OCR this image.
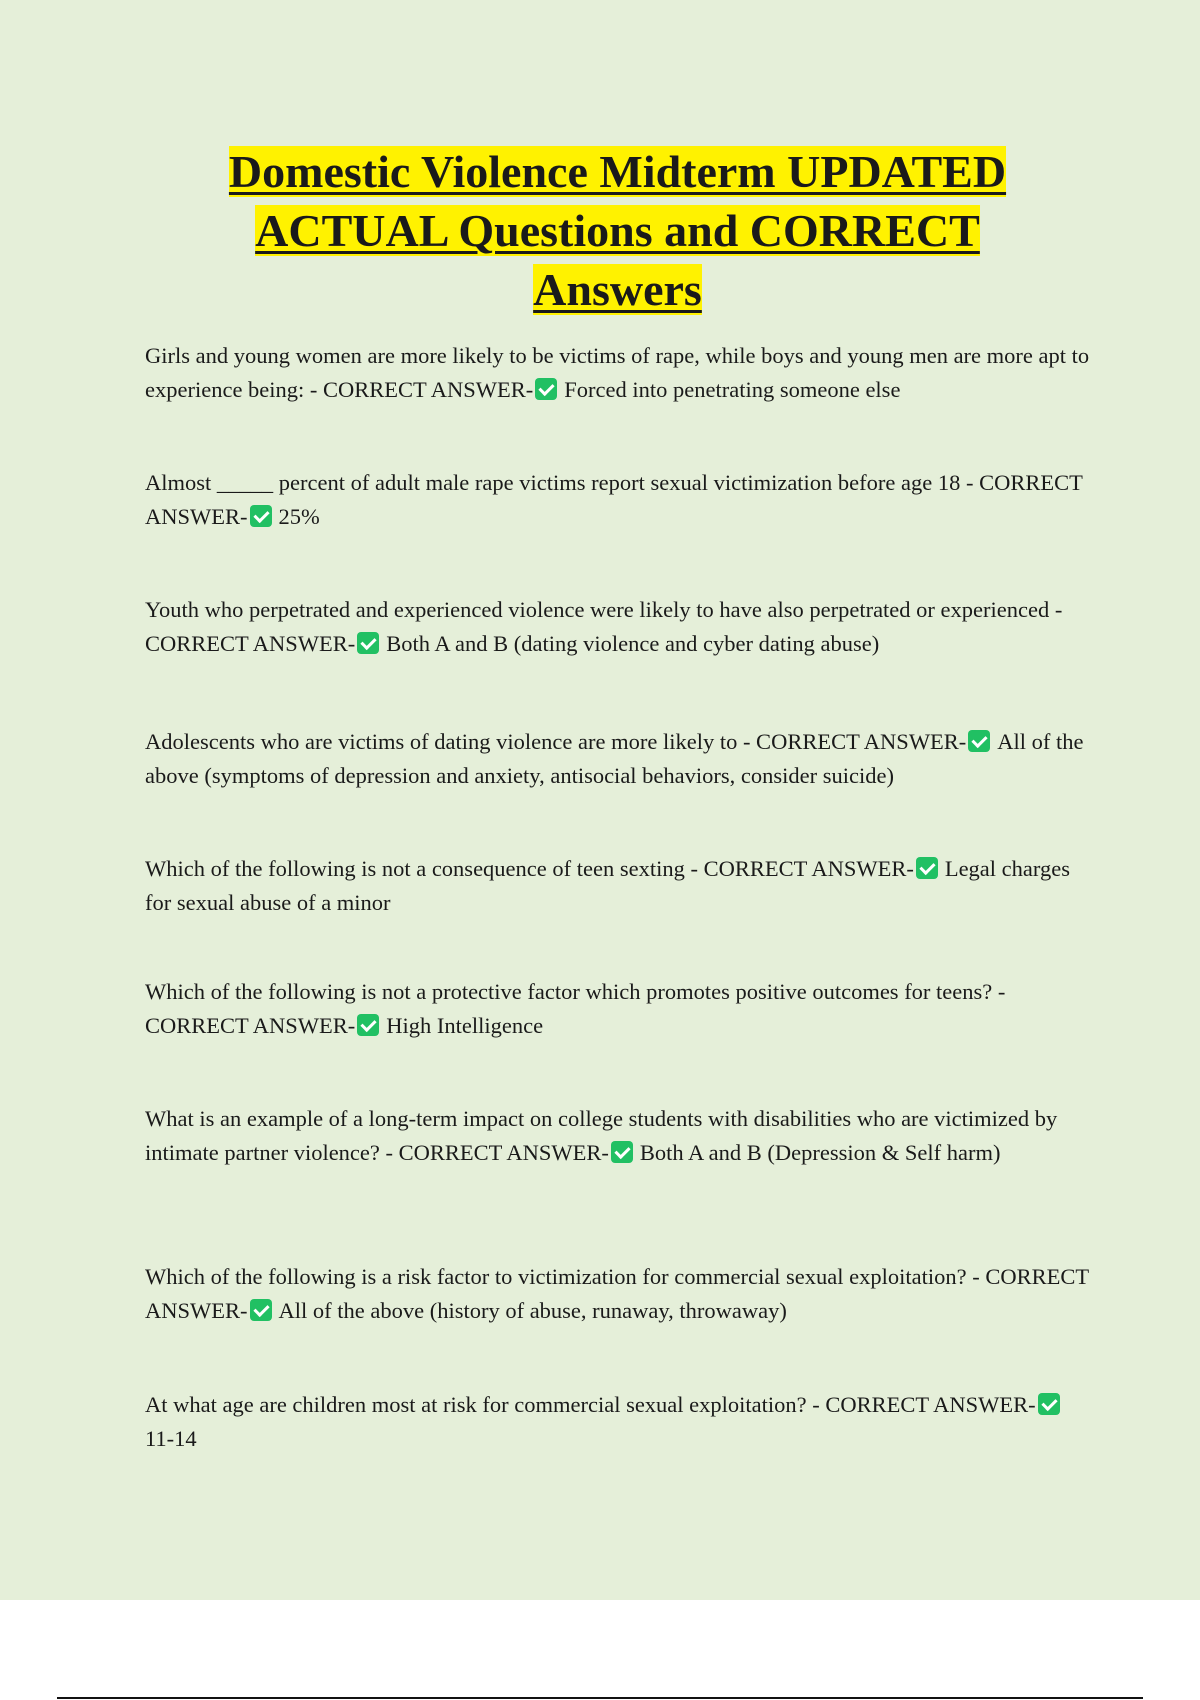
Domestic Violence Midterm UPDATED
ACTUAL Questions and CORRECT
Answers

Girls and young women are more likely to be victims of rape, while boys and young men are more apt to experience being: - CORRECT ANSWER- Forced into penetrating someone else

Almost _____ percent of adult male rape victims report sexual victimization before age 18 - CORRECT ANSWER- 25%

Youth who perpetrated and experienced violence were likely to have also perpetrated or experienced - CORRECT ANSWER- Both A and B (dating violence and cyber dating abuse)

Adolescents who are victims of dating violence are more likely to - CORRECT ANSWER- All of the above (symptoms of depression and anxiety, antisocial behaviors, consider suicide)

Which of the following is not a consequence of teen sexting - CORRECT ANSWER- Legal charges for sexual abuse of a minor

Which of the following is not a protective factor which promotes positive outcomes for teens? - CORRECT ANSWER- High Intelligence

What is an example of a long-term impact on college students with disabilities who are victimized by intimate partner violence? - CORRECT ANSWER- Both A and B (Depression & Self harm)

Which of the following is a risk factor to victimization for commercial sexual exploitation? - CORRECT ANSWER- All of the above (history of abuse, runaway, throwaway)

At what age are children most at risk for commercial sexual exploitation? - CORRECT ANSWER-11-14
